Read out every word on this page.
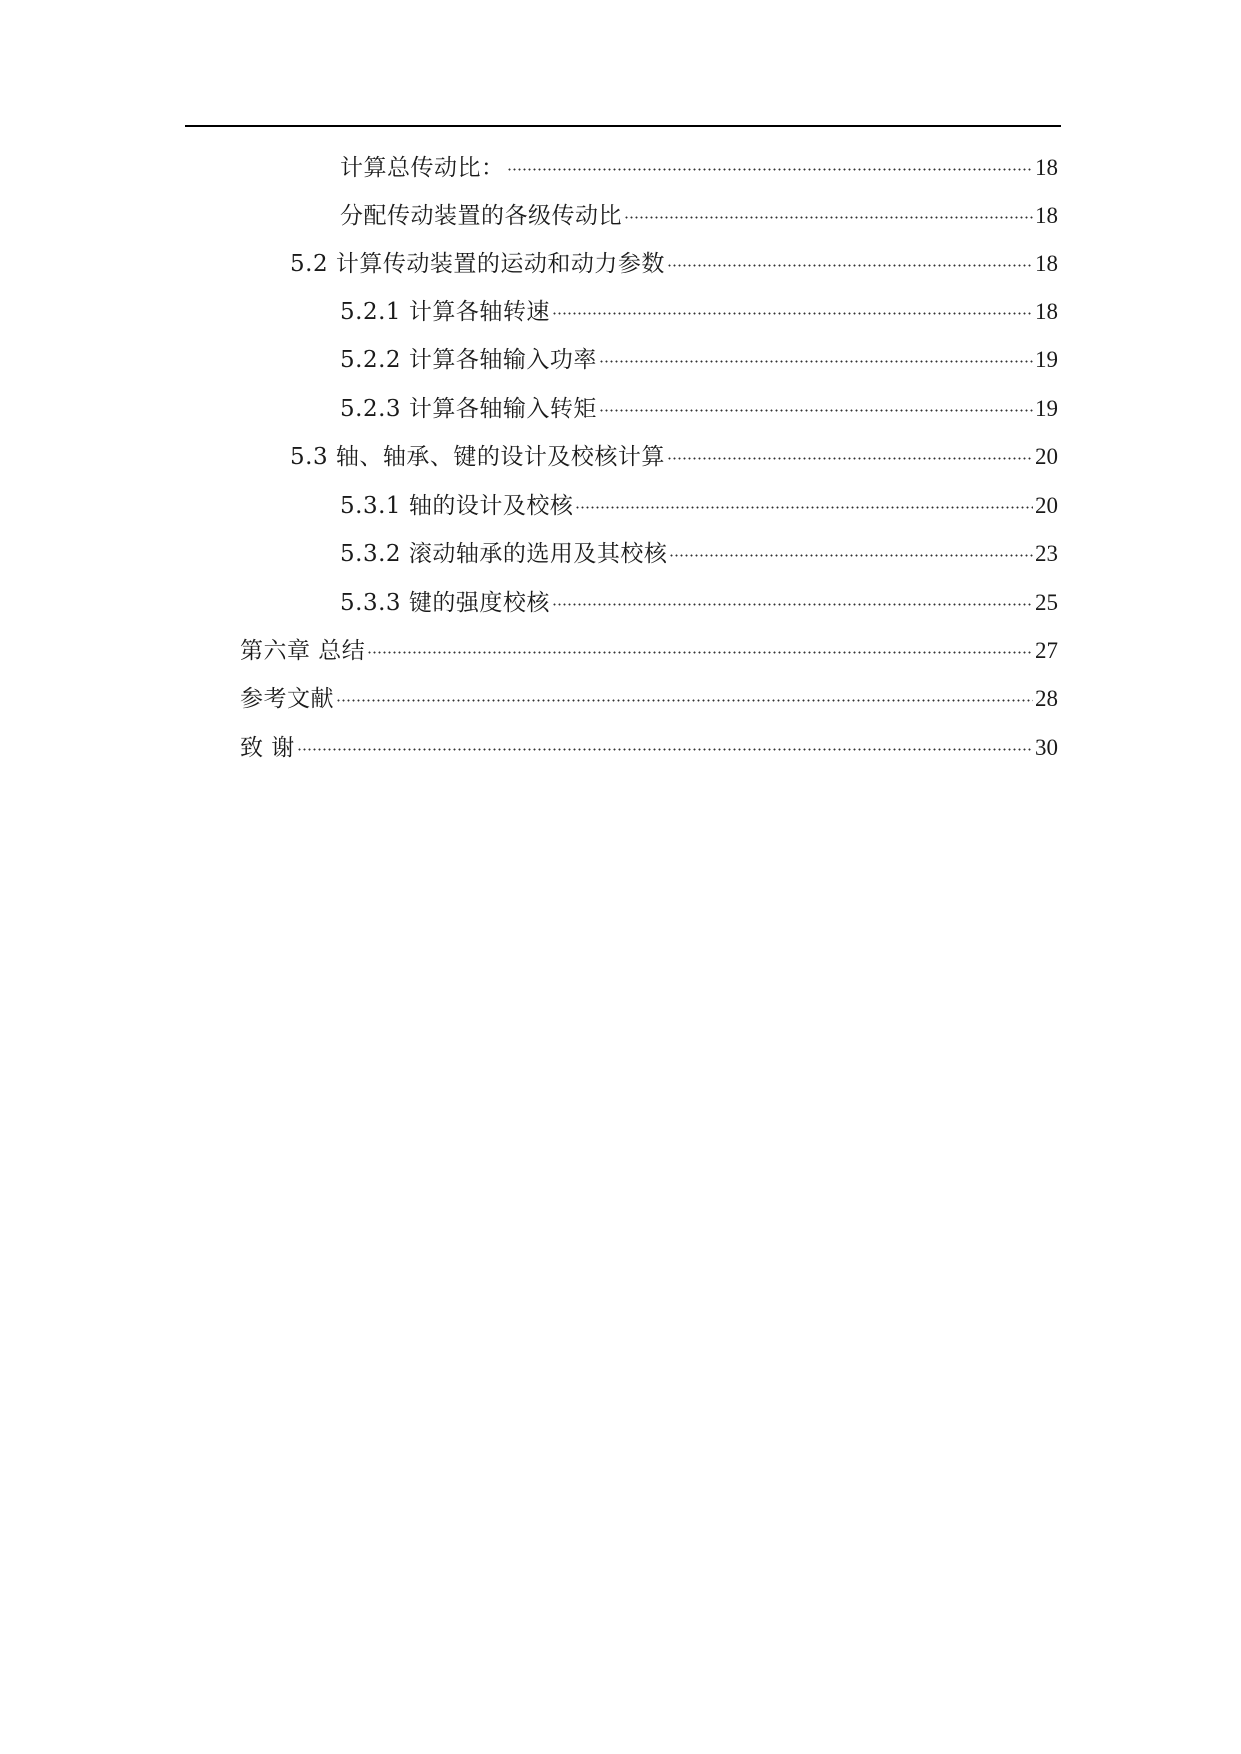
计算总传动比：	18
分配传动装置的各级传动比	18
5.2 计算传动装置的运动和动力参数	18
5.2.1 计算各轴转速	18
5.2.2 计算各轴输入功率	19
5.2.3 计算各轴输入转矩	19
5.3 轴、轴承、键的设计及校核计算	20
5.3.1 轴的设计及校核	20
5.3.2 滚动轴承的选用及其校核	23
5.3.3 键的强度校核	25
第六章 总结	27
参考文献	28
致 谢	30
